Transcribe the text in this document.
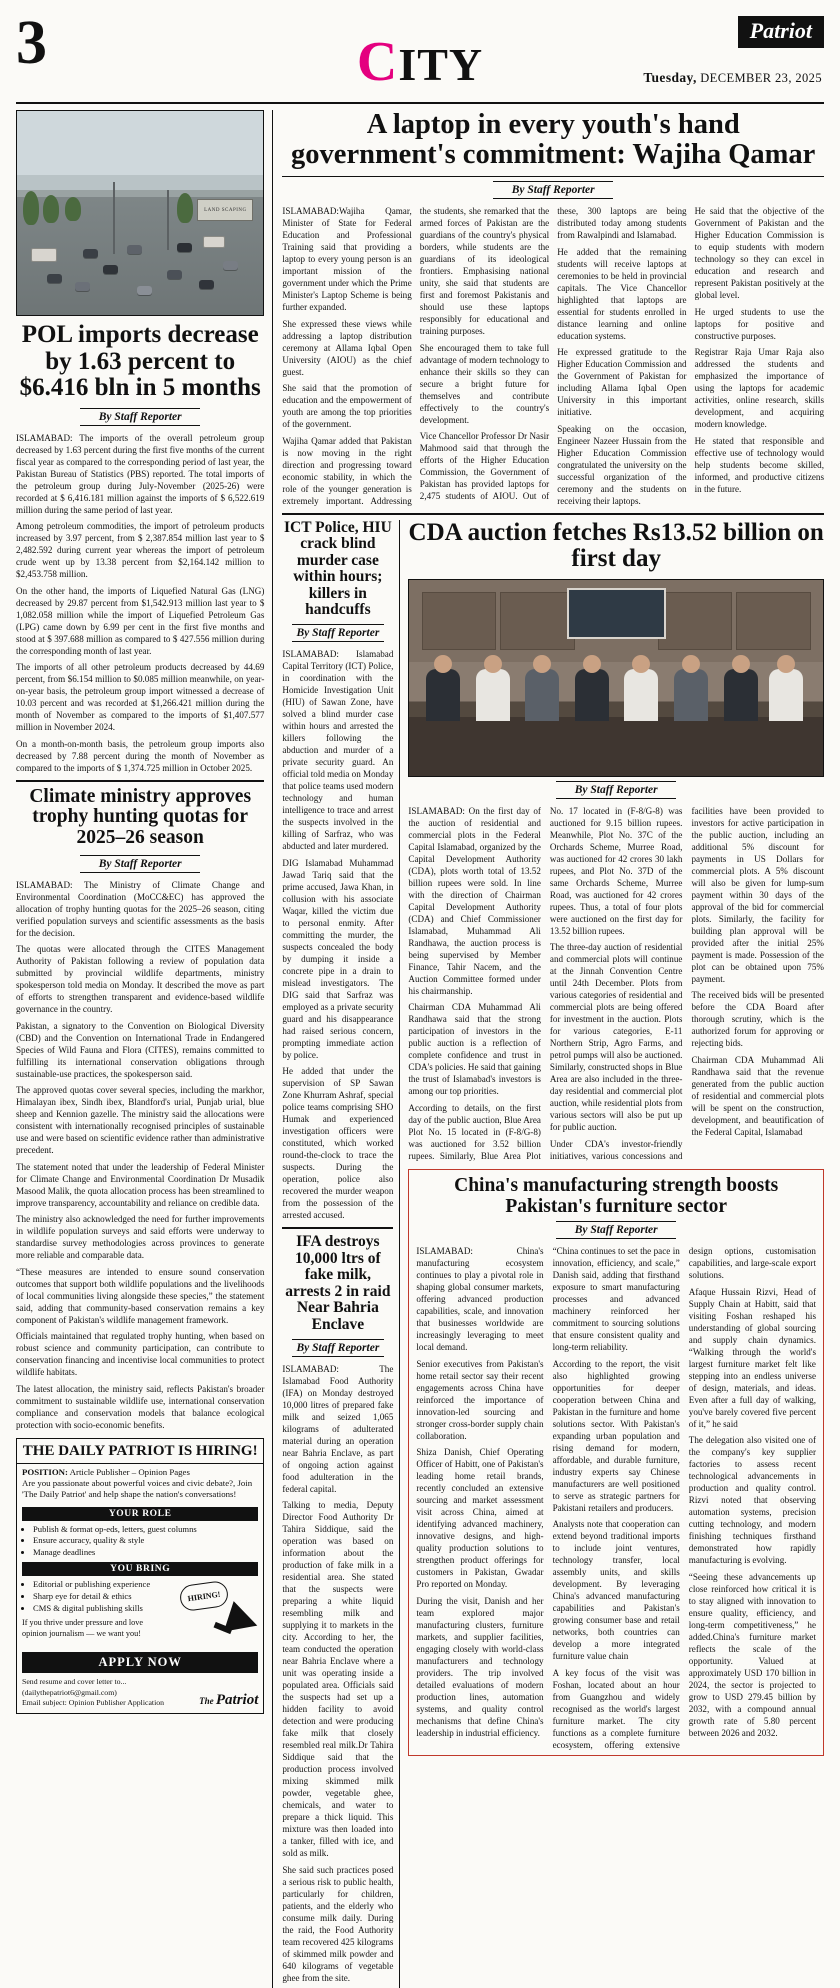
3	CITY
Patriot
Tuesday, DECEMBER 23, 2025
LAND SCAPING
POL imports decrease by 1.63 percent to $6.416 bln in 5 months
By Staff Reporter

ISLAMABAD: The imports of the overall petroleum group decreased by 1.63 percent during the first five months of the current fiscal year as compared to the corresponding period of last year, the Pakistan Bureau of Statistics (PBS) reported. The total imports of the petroleum group during July-November (2025-26) were recorded at $ 6,416.181 million against the imports of $ 6,522.619 million during the same period of last year.

Among petroleum commodities, the import of petroleum products increased by 3.97 percent, from $ 2,387.854 million last year to $ 2,482.592 during current year whereas the import of petroleum crude went up by 13.38 percent from $2,164.142 million to $2,453.758 million.

On the other hand, the imports of Liquefied Natural Gas (LNG) decreased by 29.87 percent from $1,542.913 million last year to $ 1,082.058 million while the import of Liquefied Petroleum Gas (LPG) came down by 6.99 per cent in the first five months and stood at $ 397.688 million as compared to $ 427.556 million during the corresponding month of last year.

The imports of all other petroleum products decreased by 44.69 percent, from $6.154 million to $0.085 million meanwhile, on year-on-year basis, the petroleum group import witnessed a decrease of 10.03 percent and was recorded at $1,266.421 million during the month of November as compared to the imports of $1,407.577 million in November 2024.

On a month-on-month basis, the petroleum group imports also decreased by 7.88 percent during the month of November as compared to the imports of $ 1,374.725 million in October 2025.

Climate ministry approves trophy hunting quotas for 2025–26 season
By Staff Reporter

ISLAMABAD: The Ministry of Climate Change and Environmental Coordination (MoCC&EC) has approved the allocation of trophy hunting quotas for the 2025–26 season, citing verified population surveys and scientific assessments as the basis for the decision.

The quotas were allocated through the CITES Management Authority of Pakistan following a review of population data submitted by provincial wildlife departments, ministry spokesperson told media on Monday. It described the move as part of efforts to strengthen transparent and evidence-based wildlife governance in the country.

Pakistan, a signatory to the Convention on Biological Diversity (CBD) and the Convention on International Trade in Endangered Species of Wild Fauna and Flora (CITES), remains committed to fulfilling its international conservation obligations through sustainable-use practices, the spokesperson said.

The approved quotas cover several species, including the markhor, Himalayan ibex, Sindh ibex, Blandford's urial, Punjab urial, blue sheep and Kennion gazelle. The ministry said the allocations were consistent with internationally recognised principles of sustainable use and were based on scientific evidence rather than administrative precedent.

The statement noted that under the leadership of Federal Minister for Climate Change and Environmental Coordination Dr Musadik Masood Malik, the quota allocation process has been streamlined to improve transparency, accountability and reliance on credible data.

The ministry also acknowledged the need for further improvements in wildlife population surveys and said efforts were underway to standardise survey methodologies across provinces to generate more reliable and comparable data.

“These measures are intended to ensure sound conservation outcomes that support both wildlife populations and the livelihoods of local communities living alongside these species,” the statement said, adding that community-based conservation remains a key component of Pakistan's wildlife management framework.

Officials maintained that regulated trophy hunting, when based on robust science and community participation, can contribute to conservation financing and incentivise local communities to protect wildlife habitats.

The latest allocation, the ministry said, reflects Pakistan's broader commitment to sustainable wildlife use, international conservation compliance and conservation models that balance ecological protection with socio-economic benefits.

THE DAILY PATRIOT IS HIRING!
POSITION: Article Publisher – Opinion Pages
Are you passionate about powerful voices and civic debate?, Join 'The Daily Patriot' and help shape the nation's conversations!
YOUR ROLE
• Publish & format op-eds, letters, guest columns
• Ensure accuracy, quality & style
• Manage deadlines
YOU BRING
• Editorial or publishing experience
• Sharp eye for detail & ethics
• CMS & digital publishing skills
If you thrive under pressure and love opinion journalism — we want you!
HIRING!
APPLY NOW
Send resume and cover letter to...
(dailythepatriot6@gmail.com)
Email subject: Opinion Publisher Application	The Patriot
A laptop in every youth's hand government's commitment: Wajiha Qamar
By Staff Reporter

ISLAMABAD:Wajiha Qamar, Minister of State for Federal Education and Professional Training said that providing a laptop to every young person is an important mission of the government under which the Prime Minister's Laptop Scheme is being further expanded.

She expressed these views while addressing a laptop distribution ceremony at Allama Iqbal Open University (AIOU) as the chief guest.

She said that the promotion of education and the empowerment of youth are among the top priorities of the government.

Wajiha Qamar added that Pakistan is now moving in the right direction and progressing toward economic stability, in which the role of the younger generation is extremely important. Addressing the students, she remarked that the armed forces of Pakistan are the guardians of the country's physical borders, while students are the guardians of its ideological frontiers. Emphasising national unity, she said that students are first and foremost Pakistanis and should use these laptops responsibly for educational and training purposes.

She encouraged them to take full advantage of modern technology to enhance their skills so they can secure a bright future for themselves and contribute effectively to the country's development.

Vice Chancellor Professor Dr Nasir Mahmood said that through the efforts of the Higher Education Commission, the Government of Pakistan has provided laptops for 2,475 students of AIOU. Out of these, 300 laptops are being distributed today among students from Rawalpindi and Islamabad.

He added that the remaining students will receive laptops at ceremonies to be held in provincial capitals. The Vice Chancellor highlighted that laptops are essential for students enrolled in distance learning and online education systems.

He expressed gratitude to the Higher Education Commission and the Government of Pakistan for including Allama Iqbal Open University in this important initiative.

Speaking on the occasion, Engineer Nazeer Hussain from the Higher Education Commission congratulated the university on the successful organization of the ceremony and the students on receiving their laptops.

He said that the objective of the Government of Pakistan and the Higher Education Commission is to equip students with modern technology so they can excel in education and research and represent Pakistan positively at the global level.

He urged students to use the laptops for positive and constructive purposes.

Registrar Raja Umar Raja also addressed the students and emphasized the importance of using the laptops for academic activities, online research, skills development, and acquiring modern knowledge.

He stated that responsible and effective use of technology would help students become skilled, informed, and productive citizens in the future.

ICT Police, HIU crack blind murder case within hours; killers in handcuffs
By Staff Reporter

ISLAMABAD: Islamabad Capital Territory (ICT) Police, in coordination with the Homicide Investigation Unit (HIU) of Sawan Zone, have solved a blind murder case within hours and arrested the killers following the abduction and murder of a private security guard. An official told media on Monday that police teams used modern technology and human intelligence to trace and arrest the suspects involved in the killing of Sarfraz, who was abducted and later murdered.

DIG Islamabad Muhammad Jawad Tariq said that the prime accused, Jawa Khan, in collusion with his associate Waqar, killed the victim due to personal enmity. After committing the murder, the suspects concealed the body by dumping it inside a concrete pipe in a drain to mislead investigators. The DIG said that Sarfraz was employed as a private security guard and his disappearance had raised serious concern, prompting immediate action by police.

He added that under the supervision of SP Sawan Zone Khurram Ashraf, special police teams comprising SHO Humak and experienced investigation officers were constituted, which worked round-the-clock to trace the suspects. During the operation, police also recovered the murder weapon from the possession of the arrested accused.

IFA destroys 10,000 ltrs of fake milk, arrests 2 in raid Near Bahria Enclave
By Staff Reporter

ISLAMABAD: The Islamabad Food Authority (IFA) on Monday destroyed 10,000 litres of prepared fake milk and seized 1,065 kilograms of adulterated material during an operation near Bahria Enclave, as part of ongoing action against food adulteration in the federal capital.

Talking to media, Deputy Director Food Authority Dr Tahira Siddique, said the operation was based on information about the production of fake milk in a residential area. She stated that the suspects were preparing a white liquid resembling milk and supplying it to markets in the city. According to her, the team conducted the operation near Bahria Enclave where a unit was operating inside a populated area. Officials said the suspects had set up a hidden facility to avoid detection and were producing fake milk that closely resembled real milk.Dr Tahira Siddique said that the production process involved mixing skimmed milk powder, vegetable ghee, chemicals, and water to prepare a thick liquid. This mixture was then loaded into a tanker, filled with ice, and sold as milk.

She said such practices posed a serious risk to public health, particularly for children, patients, and the elderly who consume milk daily. During the raid, the Food Authority team recovered 425 kilograms of skimmed milk powder and 640 kilograms of vegetable ghee from the site.

CDA auction fetches Rs13.52 billion on first day
By Staff Reporter

ISLAMABAD: On the first day of the auction of residential and commercial plots in the Federal Capital Islamabad, organized by the Capital Development Authority (CDA), plots worth total of 13.52 billion rupees were sold. In line with the direction of Chairman Capital Development Authority (CDA) and Chief Commissioner Islamabad, Muhammad Ali Randhawa, the auction process is being supervised by Member Finance, Tahir Nacem, and the Auction Committee formed under his chairmanship.

Chairman CDA Muhammad Ali Randhawa said that the strong participation of investors in the public auction is a reflection of complete confidence and trust in CDA's policies. He said that gaining the trust of Islamabad's investors is among our top priorities.

According to details, on the first day of the public auction, Blue Area Plot No. 15 located in (F-8/G-8) was auctioned for 3.52 billion rupees. Similarly, Blue Area Plot No. 17 located in (F-8/G-8) was auctioned for 9.15 billion rupees. Meanwhile, Plot No. 37C of the Orchards Scheme, Murree Road, was auctioned for 42 crores 30 lakh rupees, and Plot No. 37D of the same Orchards Scheme, Murree Road, was auctioned for 42 crores rupees. Thus, a total of four plots were auctioned on the first day for 13.52 billion rupees.

The three-day auction of residential and commercial plots will continue at the Jinnah Convention Centre until 24th December. Plots from various categories of residential and commercial plots are being offered for investment in the auction. Plots for various categories, E-11 Northern Strip, Agro Farms, and petrol pumps will also be auctioned. Similarly, constructed shops in Blue Area are also included in the three-day residential and commercial plot auction, while residential plots from various sectors will also be put up for public auction.

Under CDA's investor-friendly initiatives, various concessions and facilities have been provided to investors for active participation in the public auction, including an additional 5% discount for payments in US Dollars for commercial plots. A 5% discount will also be given for lump-sum payment within 30 days of the approval of the bid for commercial plots. Similarly, the facility for building plan approval will be provided after the initial 25% payment is made. Possession of the plot can be obtained upon 75% payment.

The received bids will be presented before the CDA Board after thorough scrutiny, which is the authorized forum for approving or rejecting bids.

Chairman CDA Muhammad Ali Randhawa said that the revenue generated from the public auction of residential and commercial plots will be spent on the construction, development, and beautification of the Federal Capital, Islamabad

China's manufacturing strength boosts Pakistan's furniture sector
By Staff Reporter

ISLAMABAD: China's manufacturing ecosystem continues to play a pivotal role in shaping global consumer markets, offering advanced production capabilities, scale, and innovation that businesses worldwide are increasingly leveraging to meet local demand.

Senior executives from Pakistan's home retail sector say their recent engagements across China have reinforced the importance of innovation-led sourcing and stronger cross-border supply chain collaboration.

Shiza Danish, Chief Operating Officer of Habitt, one of Pakistan's leading home retail brands, recently concluded an extensive sourcing and market assessment visit across China, aimed at identifying advanced machinery, innovative designs, and high-quality production solutions to strengthen product offerings for customers in Pakistan, Gwadar Pro reported on Monday.

During the visit, Danish and her team explored major manufacturing clusters, furniture markets, and supplier facilities, engaging closely with world-class manufacturers and technology providers. The trip involved detailed evaluations of modern production lines, automation systems, and quality control mechanisms that define China's leadership in industrial efficiency.

“China continues to set the pace in innovation, efficiency, and scale,” Danish said, adding that firsthand exposure to smart manufacturing processes and advanced machinery reinforced her commitment to sourcing solutions that ensure consistent quality and long-term reliability.

According to the report, the visit also highlighted growing opportunities for deeper cooperation between China and Pakistan in the furniture and home solutions sector. With Pakistan's expanding urban population and rising demand for modern, affordable, and durable furniture, industry experts say Chinese manufacturers are well positioned to serve as strategic partners for Pakistani retailers and producers.

Analysts note that cooperation can extend beyond traditional imports to include joint ventures, technology transfer, local assembly units, and skills development. By leveraging China's advanced manufacturing capabilities and Pakistan's growing consumer base and retail networks, both countries can develop a more integrated furniture value chain

A key focus of the visit was Foshan, located about an hour from Guangzhou and widely recognised as the world's largest furniture market. The city functions as a complete furniture ecosystem, offering extensive design options, customisation capabilities, and large-scale export solutions.

Afaque Hussain Rizvi, Head of Supply Chain at Habitt, said that visiting Foshan reshaped his understanding of global sourcing and supply chain dynamics. “Walking through the world's largest furniture market felt like stepping into an endless universe of design, materials, and ideas. Even after a full day of walking, you've barely covered five percent of it,” he said

The delegation also visited one of the company's key supplier factories to assess recent technological advancements in production and quality control. Rizvi noted that observing automation systems, precision cutting technology, and modern finishing techniques firsthand demonstrated how rapidly manufacturing is evolving.

“Seeing these advancements up close reinforced how critical it is to stay aligned with innovation to ensure quality, efficiency, and long-term competitiveness,” he added.China's furniture market reflects the scale of the opportunity. Valued at approximately USD 170 billion in 2024, the sector is projected to grow to USD 279.45 billion by 2032, with a compound annual growth rate of 5.80 percent between 2026 and 2032.
